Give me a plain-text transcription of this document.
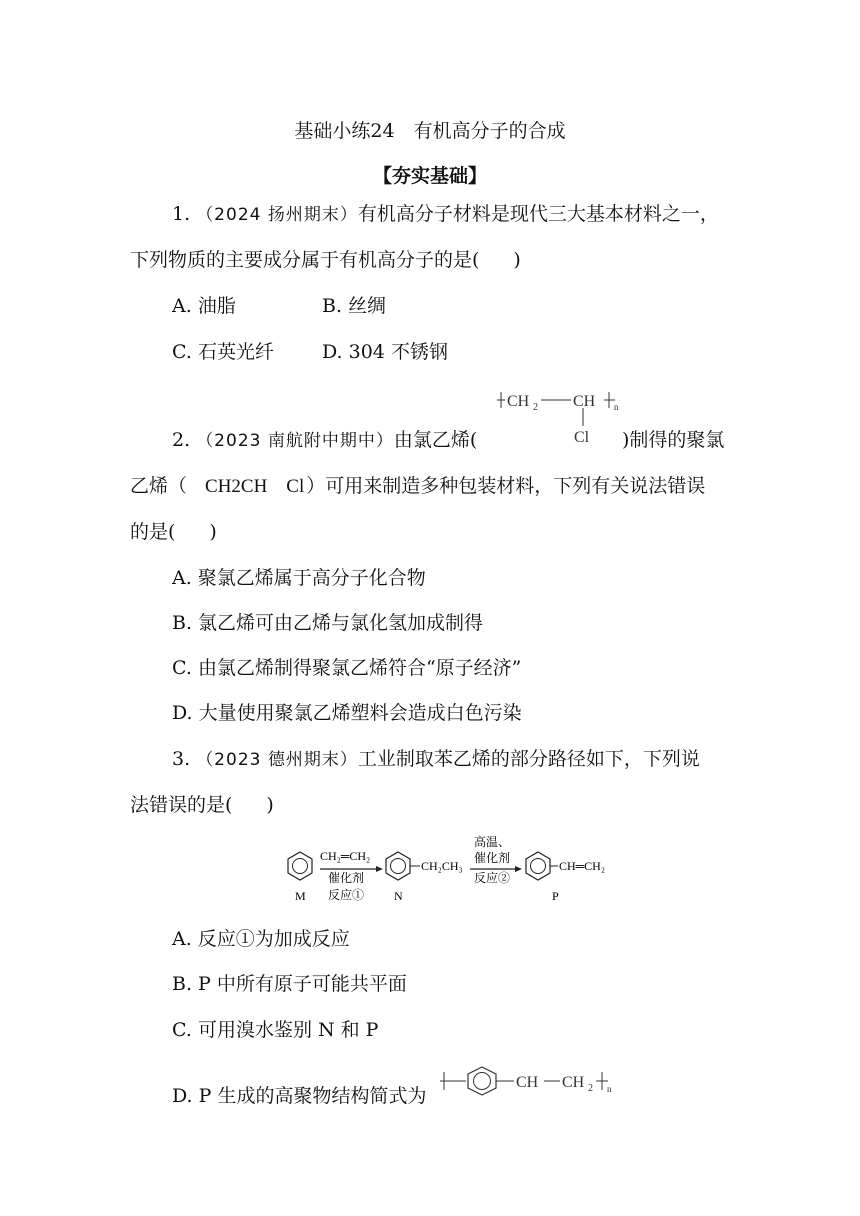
基础小练24　有机高分子的合成
【夯实基础】
1. （2024 扬州期末）有机高分子材料是现代三大基本材料之一，
下列物质的主要成分属于有机高分子的是( )
A. 油脂	B. 丝绸
C. 石英光纤	D. 304 不锈钢
CH 2 CH n
Cl
2. （2023 南航附中期中）由氯乙烯(	)制得的聚氯
乙烯（ CH2CH　Cl ）可用来制造多种包装材料，下列有关说法错误
的是( )
A. 聚氯乙烯属于高分子化合物
B. 氯乙烯可由乙烯与氯化氢加成制得
C. 由氯乙烯制得聚氯乙烯符合“原子经济”
D. 大量使用聚氯乙烯塑料会造成白色污染
3. （2023 德州期末）工业制取苯乙烯的部分路径如下，下列说
法错误的是( )
M
CH₂═CH₂
催化剂
反应①
CH₂CH₃
N
高温、
催化剂
反应②
CH═CH₂
P
A. 反应①为加成反应
B. P 中所有原子可能共平面
C. 可用溴水鉴别 N 和 P
D. P 生成的高聚物结构简式为
CH CH 2 n
